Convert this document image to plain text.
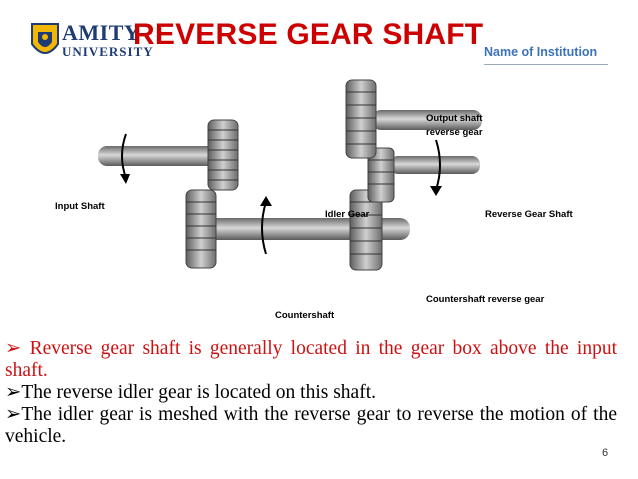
AMITY
UNIVERSITY
REVERSE GEAR SHAFT
Name of Institution
Output shaft
reverse gear
Input Shaft
Idler Gear	Reverse Gear Shaft
Countershaft reverse gear
Countershaft

➢ Reverse gear shaft is generally located in the gear box above the input shaft.

➢The reverse idler gear is located on this shaft.

➢The idler gear is meshed with the reverse gear to reverse the motion of the vehicle.

6
